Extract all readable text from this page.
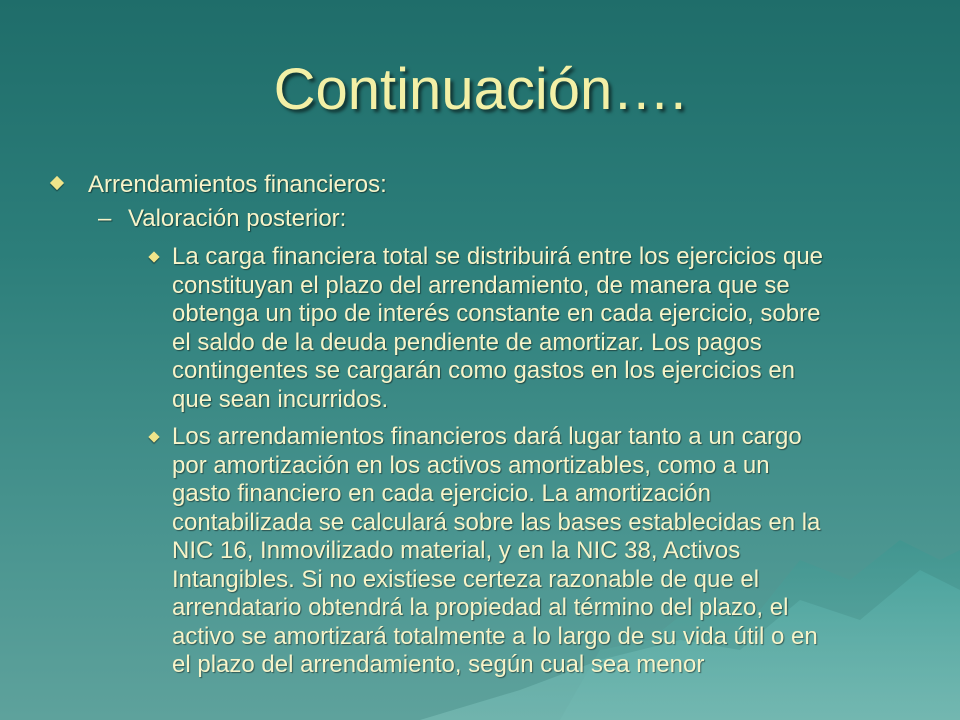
Continuación….
Arrendamientos financieros:
– Valoración posterior:
La carga financiera total se distribuirá entre los ejercicios que
constituyan el plazo del arrendamiento, de manera que se
obtenga un tipo de interés constante en cada ejercicio, sobre
el saldo de la deuda pendiente de amortizar. Los pagos
contingentes se cargarán como gastos en los ejercicios en
que sean incurridos.
Los arrendamientos financieros dará lugar tanto a un cargo
por amortización en los activos amortizables, como a un
gasto financiero en cada ejercicio. La amortización
contabilizada se calculará sobre las bases establecidas en la
NIC 16, Inmovilizado material, y en la NIC 38, Activos
Intangibles. Si no existiese certeza razonable de que el
arrendatario obtendrá la propiedad al término del plazo, el
activo se amortizará totalmente a lo largo de su vida útil o en
el plazo del arrendamiento, según cual sea menor
